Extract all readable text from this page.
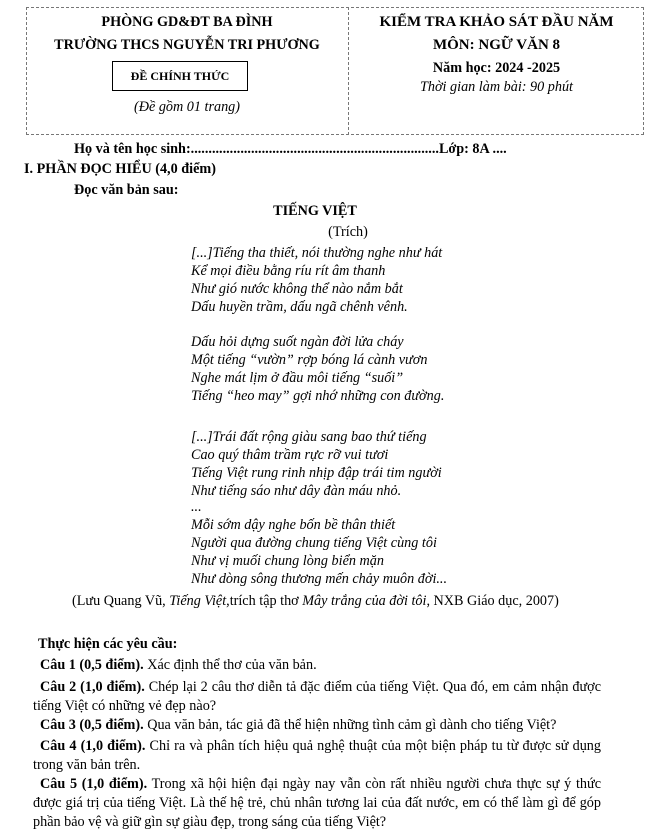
PHÒNG GD&ĐT BA ĐÌNH
TRƯỜNG THCS NGUYỄN TRI PHƯƠNG
ĐỀ CHÍNH THỨC
(Đề gồm 01 trang)
KIỂM TRA KHẢO SÁT ĐẦU NĂM
MÔN: NGỮ VĂN 8
Năm học: 2024 -2025
Thời gian làm bài: 90 phút
Họ và tên học sinh:......................................................................Lớp: 8A ....
I. PHẦN ĐỌC HIỂU (4,0 điểm)
Đọc văn bản sau:
TIẾNG VIỆT
(Trích)
[...]Tiếng tha thiết, nói thường nghe như hát
Kể mọi điều bằng ríu rít âm thanh
Như gió nước không thể nào nắm bắt
Dấu huyền trầm, dấu ngã chênh vênh.
Dấu hỏi dựng suốt ngàn đời lửa cháy
Một tiếng “vườn” rợp bóng lá cành vươn
Nghe mát lịm ở đầu môi tiếng “suối”
Tiếng “heo may” gợi nhớ những con đường.
[...]Trái đất rộng giàu sang bao thứ tiếng
Cao quý thâm trầm rực rỡ vui tươi
Tiếng Việt rung rinh nhịp đập trái tim người
Như tiếng sáo như dây đàn máu nhỏ.
...
Mỗi sớm dậy nghe bốn bề thân thiết
Người qua đường chung tiếng Việt cùng tôi
Như vị muối chung lòng biển mặn
Như dòng sông thương mến chảy muôn đời...
(Lưu Quang Vũ, Tiếng Việt,trích tập thơ Mây trắng của đời tôi, NXB Giáo dục, 2007)
Thực hiện các yêu cầu:
Câu 1 (0,5 điểm). Xác định thể thơ của văn bản.
Câu 2 (1,0 điểm). Chép lại 2 câu thơ diễn tả đặc điểm của tiếng Việt. Qua đó, em cảm nhận được tiếng Việt có những vẻ đẹp nào?
Câu 3 (0,5 điểm). Qua văn bản, tác giả đã thể hiện những tình cảm gì dành cho tiếng Việt?
Câu 4 (1,0 điểm). Chỉ ra và phân tích hiệu quả nghệ thuật của một biện pháp tu từ được sử dụng trong văn bản trên.
Câu 5 (1,0 điểm). Trong xã hội hiện đại ngày nay vẫn còn rất nhiều người chưa thực sự ý thức được giá trị của tiếng Việt. Là thế hệ trẻ, chủ nhân tương lai của đất nước, em có thể làm gì để góp phần bảo vệ và giữ gìn sự giàu đẹp, trong sáng của tiếng Việt?
